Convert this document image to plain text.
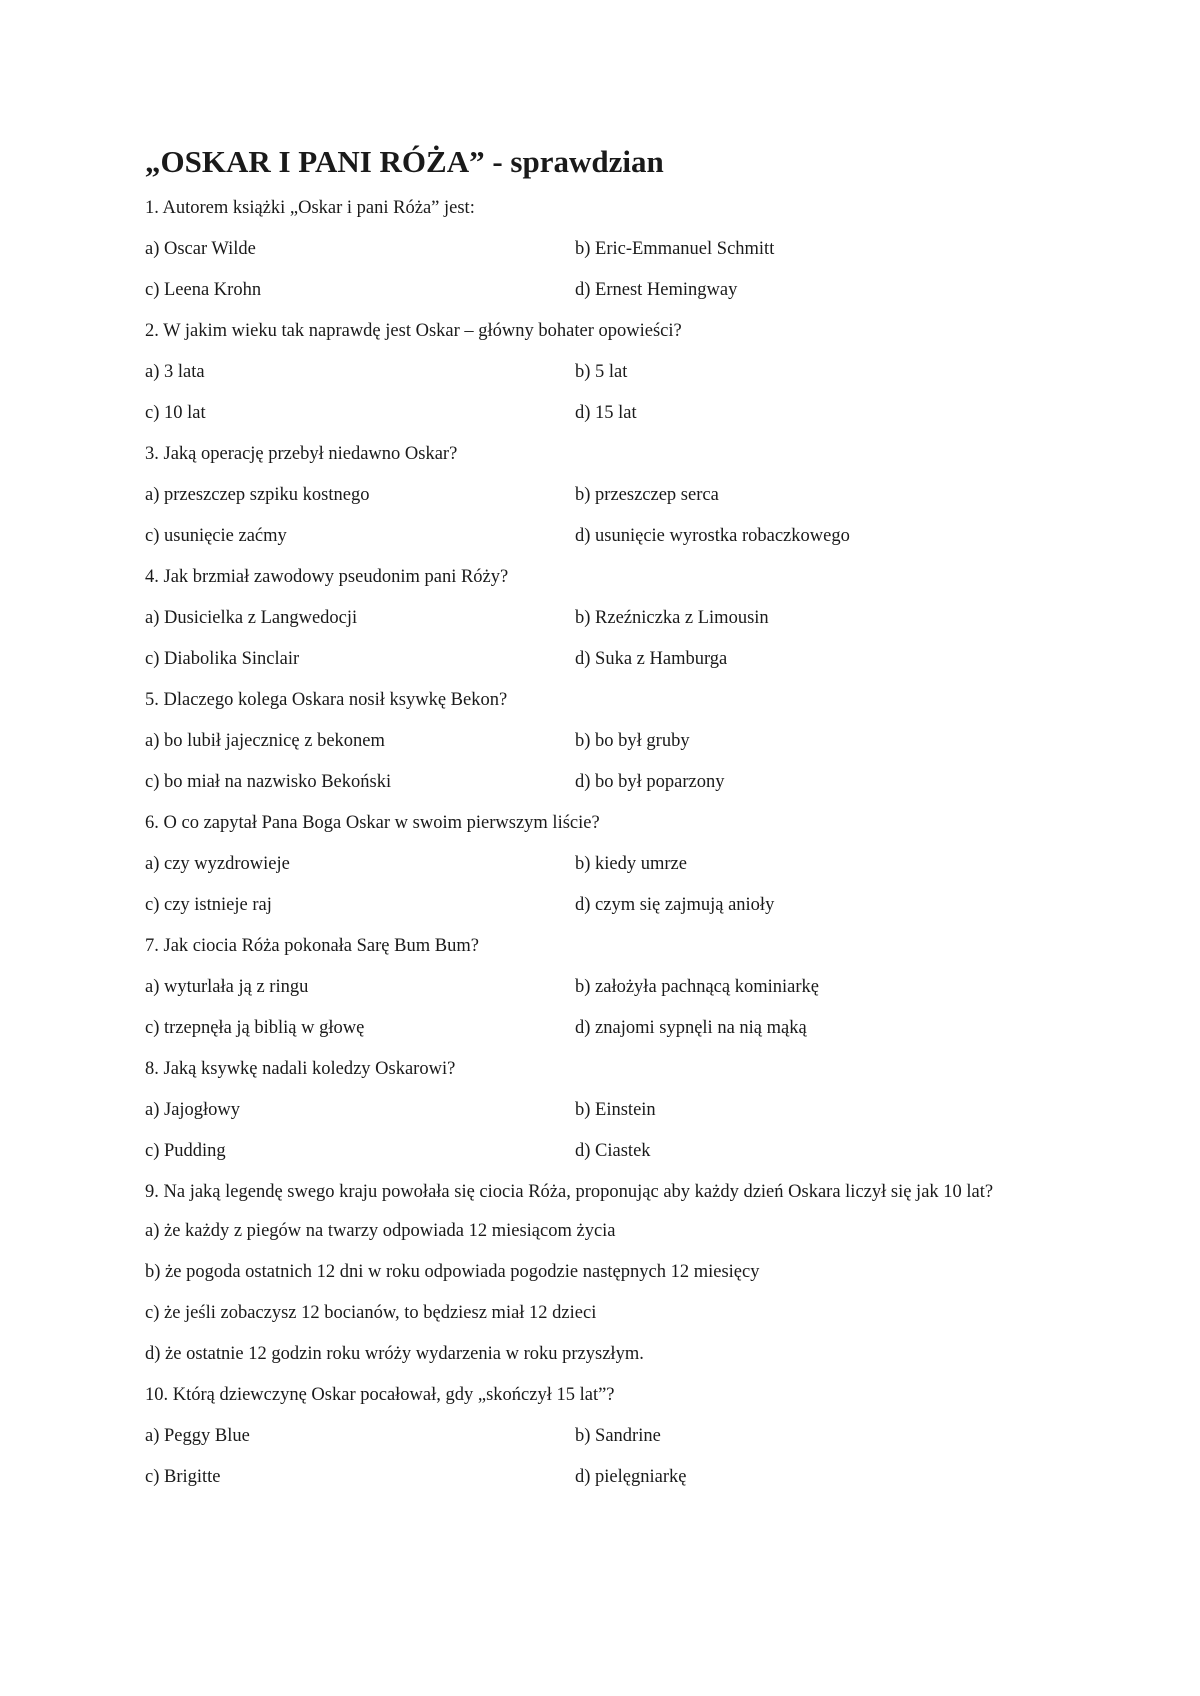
„OSKAR I PANI RÓŻA” - sprawdzian
1. Autorem książki „Oskar i pani Róża” jest:
a) Oscar Wilde	b) Eric-Emmanuel Schmitt
c) Leena Krohn	d) Ernest Hemingway
2. W jakim wieku tak naprawdę jest Oskar – główny bohater opowieści?
a) 3 lata	b) 5 lat
c) 10 lat	d) 15 lat
3. Jaką operację przebył niedawno Oskar?
a) przeszczep szpiku kostnego	b) przeszczep serca
c) usunięcie zaćmy	d) usunięcie wyrostka robaczkowego
4. Jak brzmiał zawodowy pseudonim pani Róży?
a) Dusicielka z Langwedocji	b) Rzeźniczka z Limousin
c) Diabolika Sinclair	d) Suka z Hamburga
5. Dlaczego kolega Oskara nosił ksywkę Bekon?
a) bo lubił jajecznicę z bekonem	b) bo był gruby
c) bo miał na nazwisko Bekoński	d) bo był poparzony
6. O co zapytał Pana Boga Oskar w swoim pierwszym liście?
a) czy wyzdrowieje	b) kiedy umrze
c) czy istnieje raj	d) czym się zajmują anioły
7. Jak ciocia Róża pokonała Sarę Bum Bum?
a) wyturlała ją z ringu	b) założyła pachnącą kominiarkę
c) trzepnęła ją biblią w głowę	d) znajomi sypnęli na nią mąką
8. Jaką ksywkę nadali koledzy Oskarowi?
a) Jajogłowy	b) Einstein
c) Pudding	d) Ciastek
9. Na jaką legendę swego kraju powołała się ciocia Róża, proponując aby każdy dzień Oskara liczył się jak 10 lat?
a) że każdy z piegów na twarzy odpowiada 12 miesiącom życia
b) że pogoda ostatnich 12 dni w roku odpowiada pogodzie następnych 12 miesięcy
c) że jeśli zobaczysz 12 bocianów, to będziesz miał 12 dzieci
d) że ostatnie 12 godzin roku wróży wydarzenia w roku przyszłym.
10. Którą dziewczynę Oskar pocałował, gdy „skończył 15 lat”?
a) Peggy Blue	b) Sandrine
c) Brigitte	d) pielęgniarkę
